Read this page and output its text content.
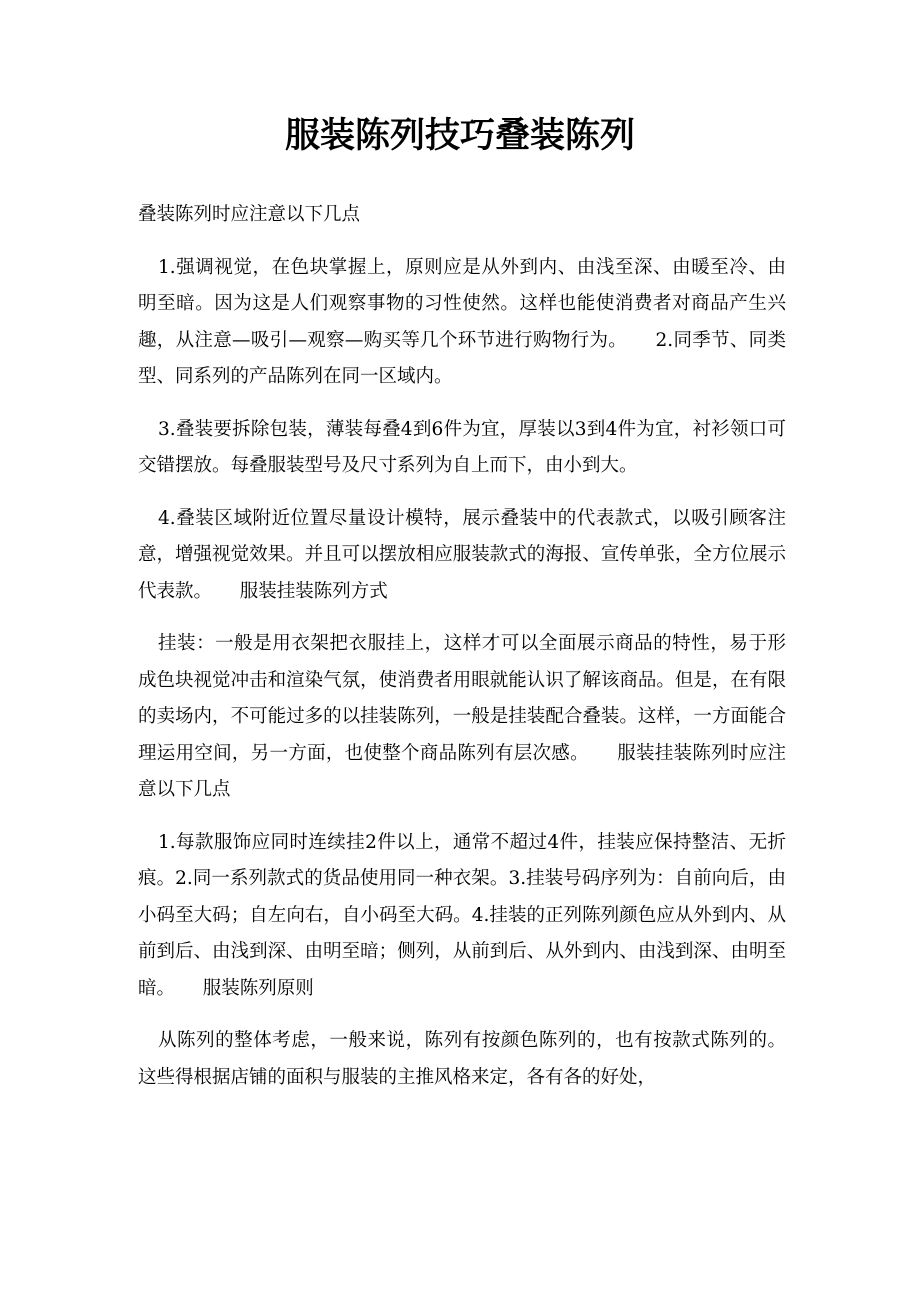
服装陈列技巧叠装陈列

叠装陈列时应注意以下几点

1.强调视觉，在色块掌握上，原则应是从外到内、由浅至深、由暖至冷、由明至暗。因为这是人们观察事物的习性使然。这样也能使消费者对商品产生兴趣，从注意—吸引—观察—购买等几个环节进行购物行为。　　2.同季节、同类型、同系列的产品陈列在同一区域内。

3.叠装要拆除包装，薄装每叠4到6件为宜，厚装以3到4件为宜，衬衫领口可交错摆放。每叠服装型号及尺寸系列为自上而下，由小到大。

4.叠装区域附近位置尽量设计模特，展示叠装中的代表款式，以吸引顾客注意，增强视觉效果。并且可以摆放相应服装款式的海报、宣传单张，全方位展示代表款。　　服装挂装陈列方式

挂装：一般是用衣架把衣服挂上，这样才可以全面展示商品的特性，易于形成色块视觉冲击和渲染气氛，使消费者用眼就能认识了解该商品。但是，在有限的卖场内，不可能过多的以挂装陈列，一般是挂装配合叠装。这样，一方面能合理运用空间，另一方面，也使整个商品陈列有层次感。　　服装挂装陈列时应注意以下几点

1.每款服饰应同时连续挂2件以上，通常不超过4件，挂装应保持整洁、无折痕。2.同一系列款式的货品使用同一种衣架。3.挂装号码序列为：自前向后，由小码至大码；自左向右，自小码至大码。4.挂装的正列陈列颜色应从外到内、从前到后、由浅到深、由明至暗；侧列，从前到后、从外到内、由浅到深、由明至暗。　　服装陈列原则

从陈列的整体考虑，一般来说，陈列有按颜色陈列的，也有按款式陈列的。这些得根据店铺的面积与服装的主推风格来定，各有各的好处，
